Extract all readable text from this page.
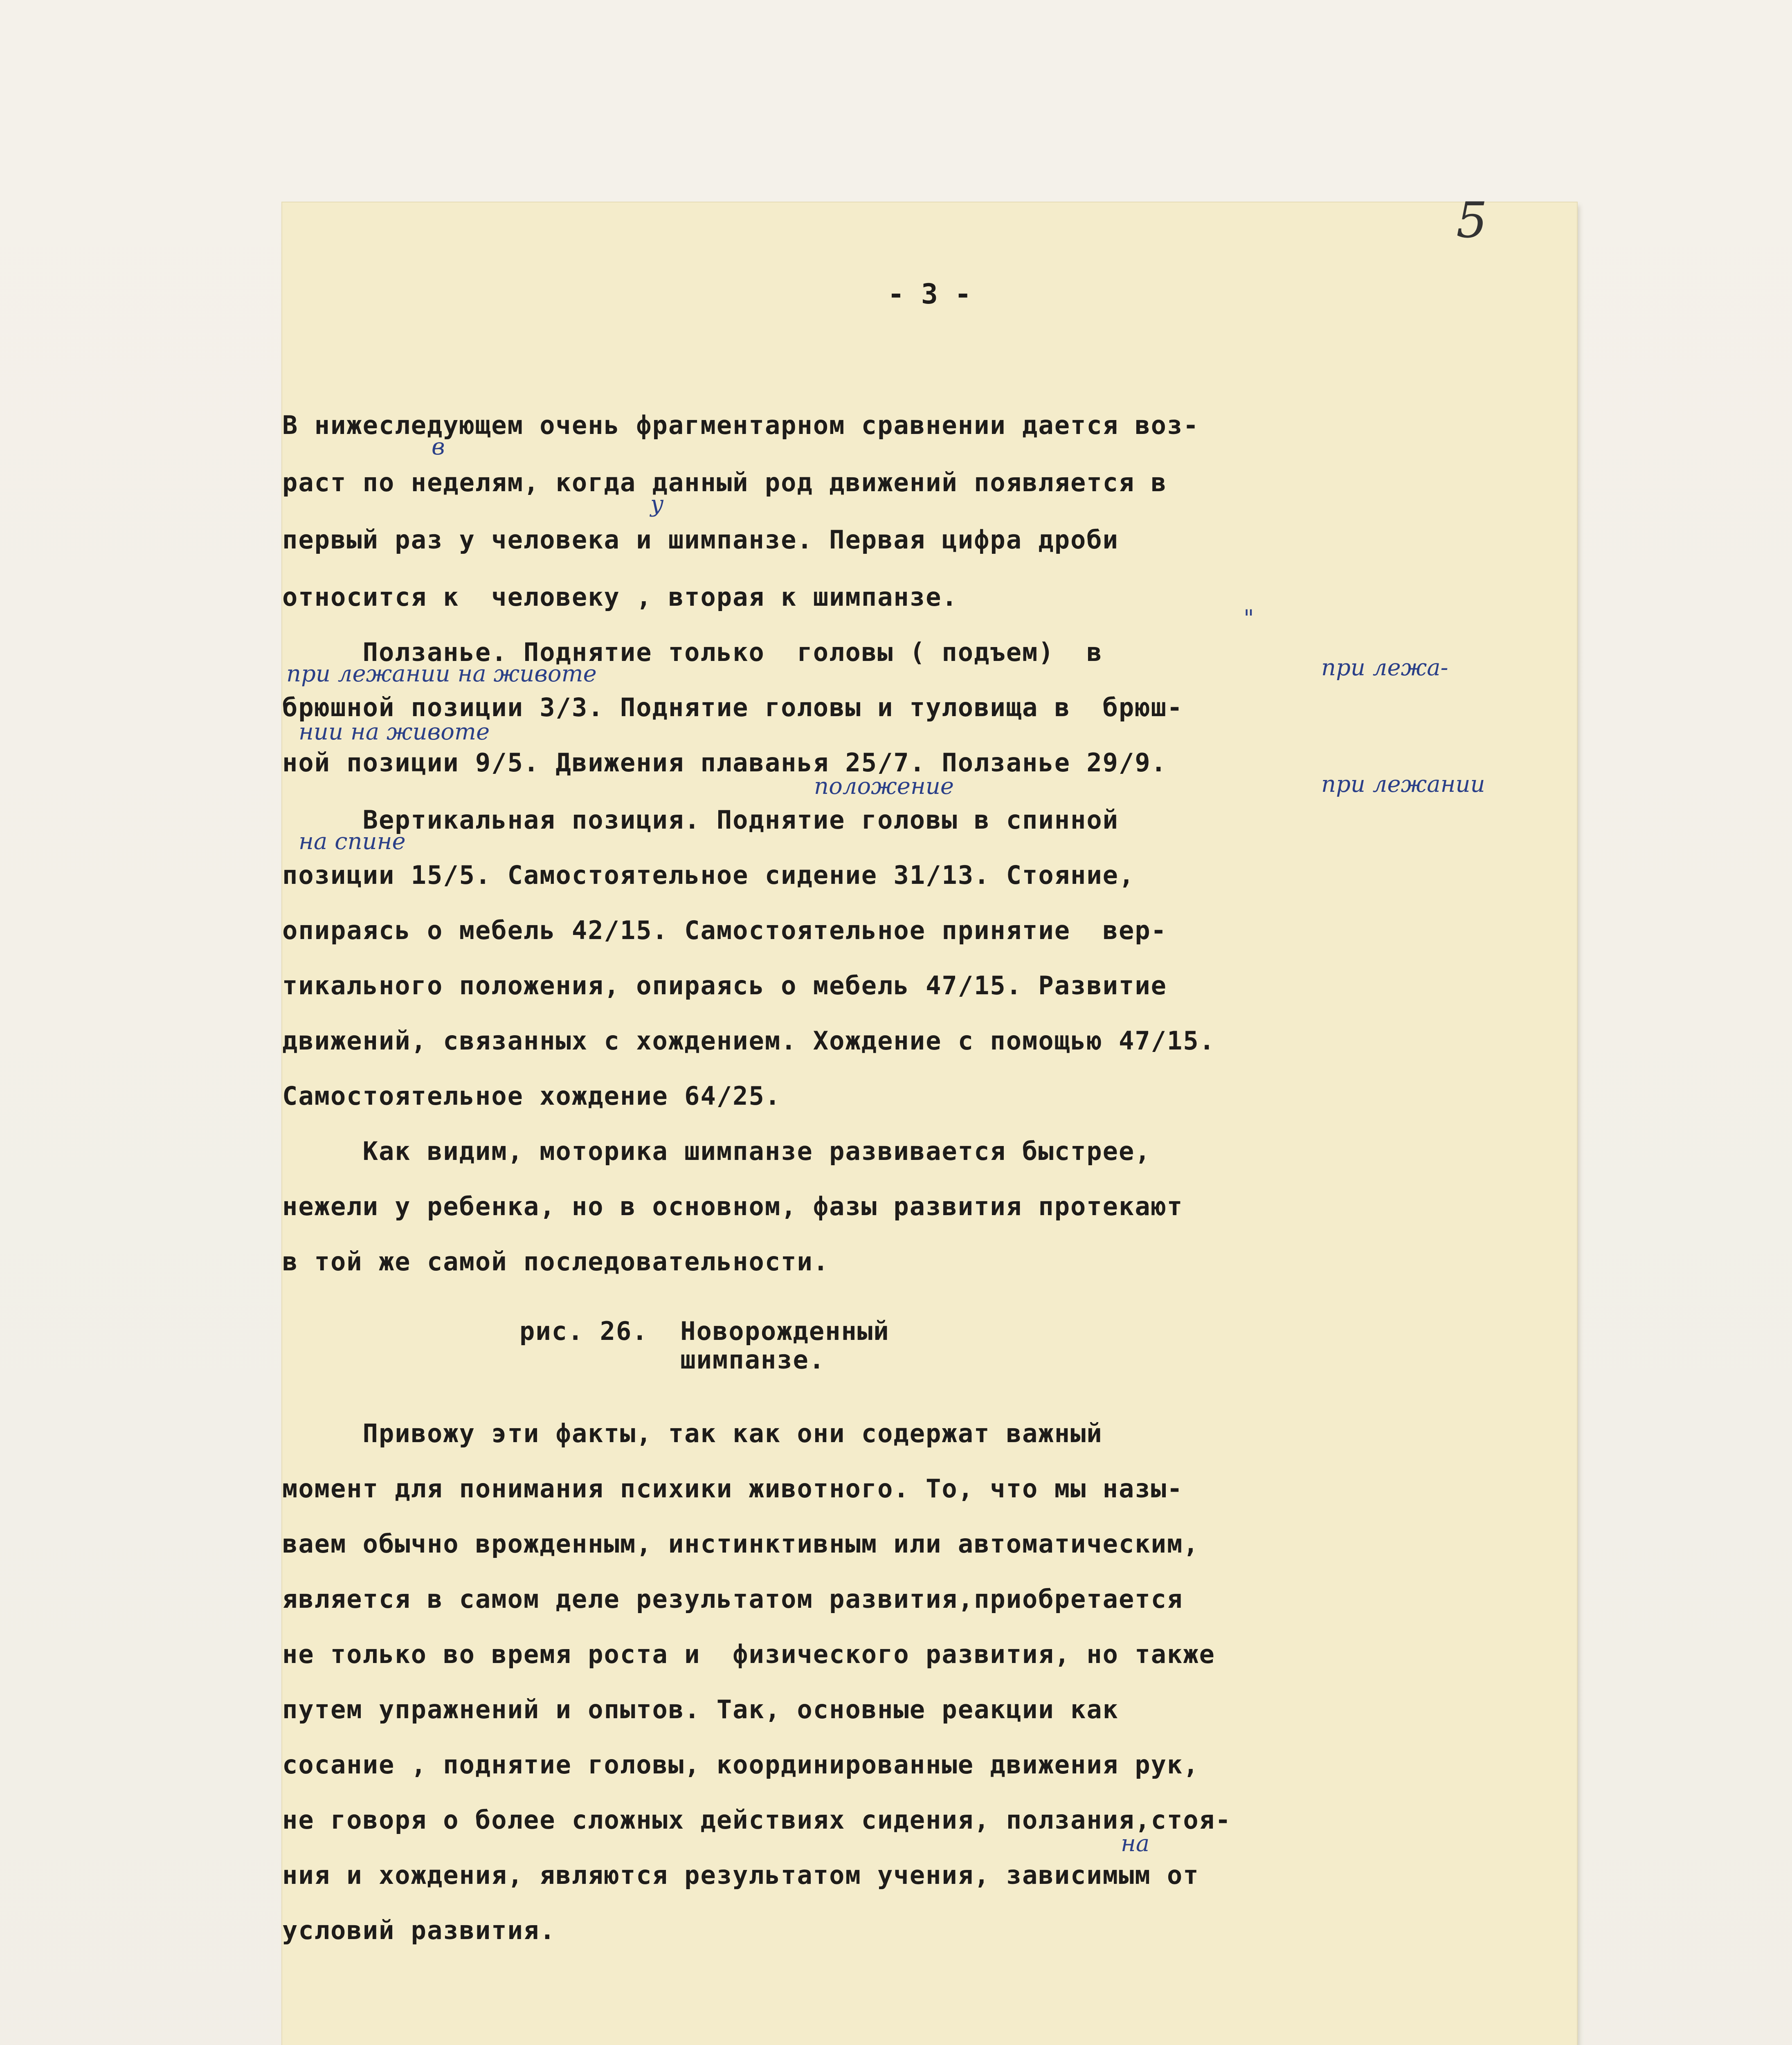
5
- 3 -
В нижеследующем очень фрагментарном сравнении дается воз-
раст по неделям, когда данный род движений появляется в
первый раз у человека и шимпанзе. Первая цифра дроби
относится к  человеку , вторая к шимпанзе.
Ползанье. Поднятие только  головы ( подъем)  в
брюшной позиции 3/3. Поднятие головы и туловища в  брюш-
ной позиции 9/5. Движения плаванья 25/7. Ползанье 29/9.
Вертикальная позиция. Поднятие головы в спинной
позиции 15/5. Самостоятельное сидение 31/13. Стояние,
опираясь о мебель 42/15. Самостоятельное принятие  вер-
тикального положения, опираясь о мебель 47/15. Развитие
движений, связанных с хождением. Хождение с помощью 47/15.
Самостоятельное хождение 64/25.
Как видим, моторика шимпанзе развивается быстрее,
нежели у ребенка, но в основном, фазы развития протекают
в той же самой последовательности.
рис. 26.  Новорожденный
шимпанзе.
Привожу эти факты, так как они содержат важный
момент для понимания психики животного. То, что мы назы-
ваем обычно врожденным, инстинктивным или автоматическим,
является в самом деле результатом развития,приобретается
не только во время роста и  физического развития, но также
путем упражнений и опытов. Так, основные реакции как
сосание , поднятие головы, координированные движения рук,
не говоря о более сложных действиях сидения, ползания,стоя-
ния и хождения, являются результатом учения, зависимым от
условий развития.
в
у
"
при лежании на животе	при лежа-
нии на животе
положение	при лежании
на спине
на
